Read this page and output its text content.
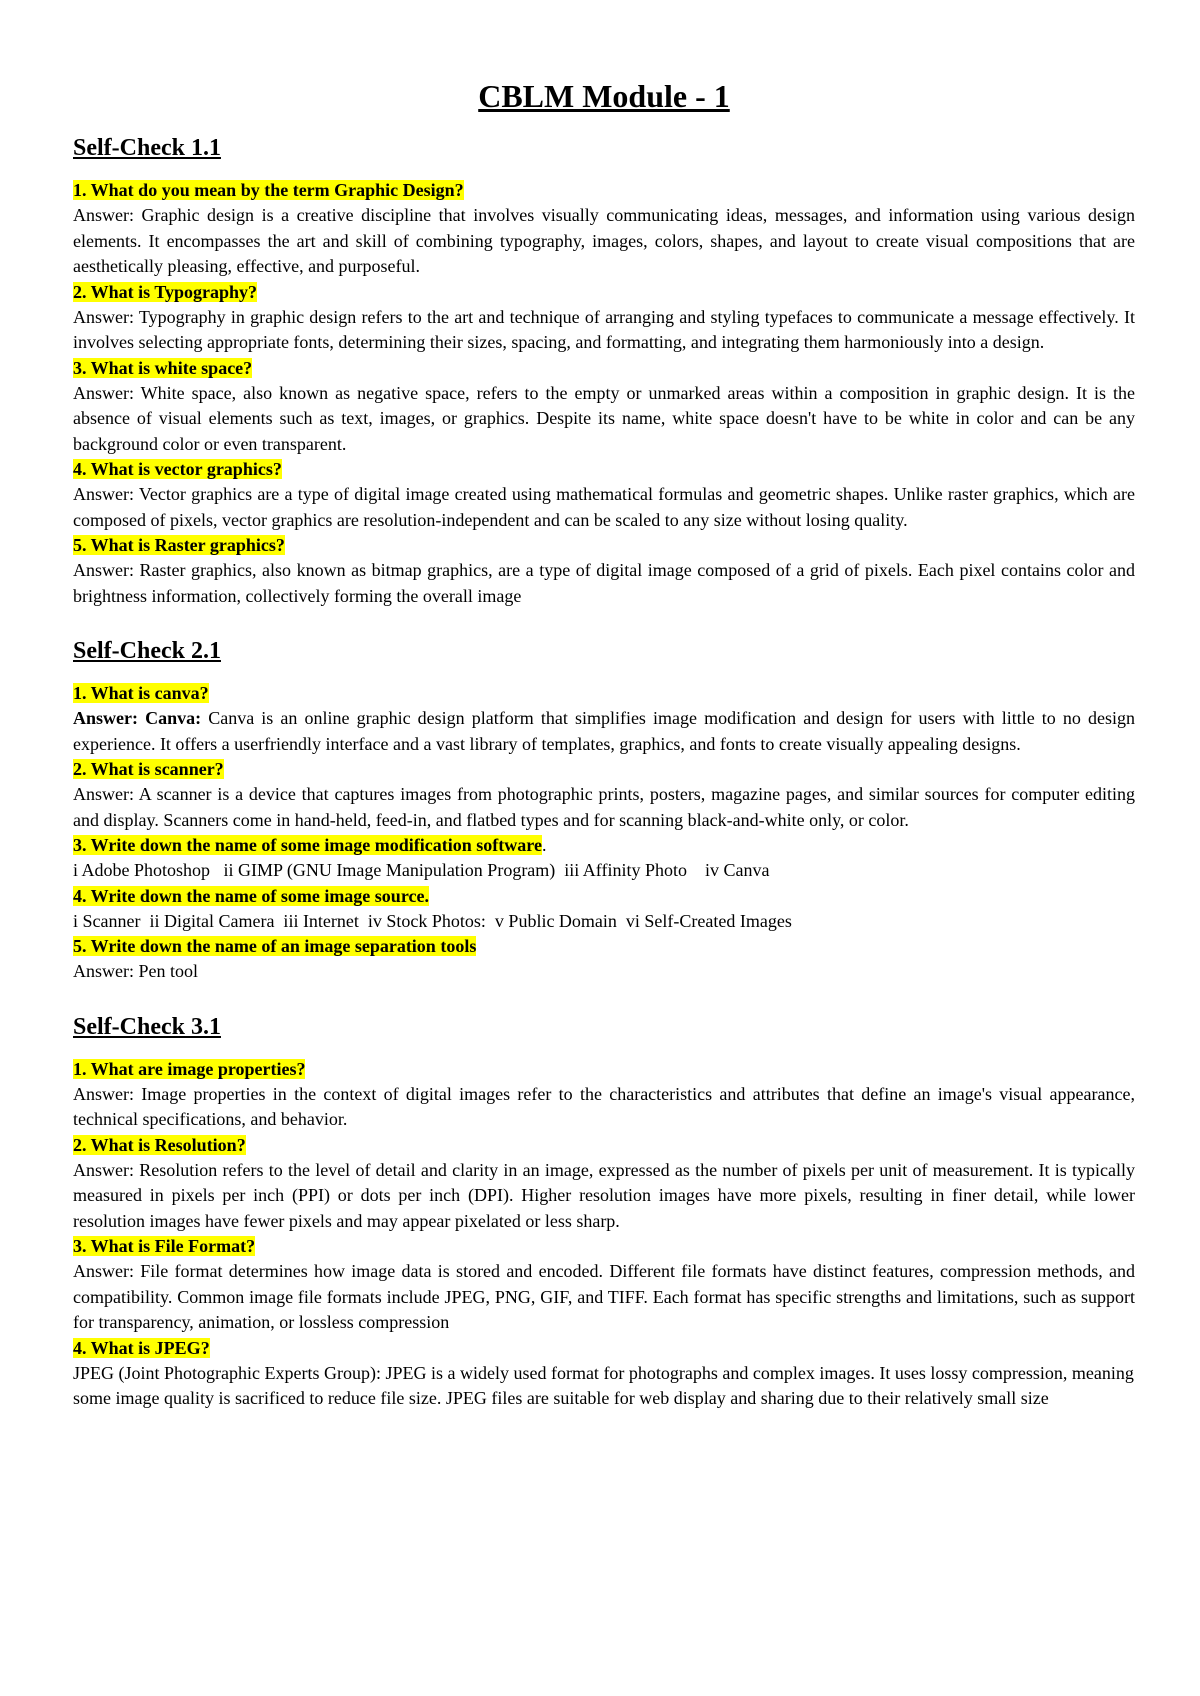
CBLM Module - 1
Self-Check 1.1

1. What do you mean by the term Graphic Design?

Answer: Graphic design is a creative discipline that involves visually communicating ideas, messages, and information using various design elements. It encompasses the art and skill of combining typography, images, colors, shapes, and layout to create visual compositions that are aesthetically pleasing, effective, and purposeful.

2. What is Typography?

Answer: Typography in graphic design refers to the art and technique of arranging and styling typefaces to communicate a message effectively. It involves selecting appropriate fonts, determining their sizes, spacing, and formatting, and integrating them harmoniously into a design.

3. What is white space?

Answer: White space, also known as negative space, refers to the empty or unmarked areas within a composition in graphic design. It is the absence of visual elements such as text, images, or graphics. Despite its name, white space doesn't have to be white in color and can be any background color or even transparent.

4. What is vector graphics?

Answer: Vector graphics are a type of digital image created using mathematical formulas and geometric shapes. Unlike raster graphics, which are composed of pixels, vector graphics are resolution-independent and can be scaled to any size without losing quality.

5. What is Raster graphics?

Answer: Raster graphics, also known as bitmap graphics, are a type of digital image composed of a grid of pixels. Each pixel contains color and brightness information, collectively forming the overall image

Self-Check 2.1

1. What is canva?

Answer: Canva: Canva is an online graphic design platform that simplifies image modification and design for users with little to no design experience. It offers a userfriendly interface and a vast library of templates, graphics, and fonts to create visually appealing designs.

2. What is scanner?

Answer: A scanner is a device that captures images from photographic prints, posters, magazine pages, and similar sources for computer editing and display. Scanners come in hand-held, feed-in, and flatbed types and for scanning black-and-white only, or color.

3. Write down the name of some image modification software.

i Adobe Photoshop   ii GIMP (GNU Image Manipulation Program)  iii Affinity Photo    iv Canva

4. Write down the name of some image source.

i Scanner  ii Digital Camera  iii Internet  iv Stock Photos:  v Public Domain  vi Self-Created Images

5. Write down the name of an image separation tools

Answer: Pen tool

Self-Check 3.1

1. What are image properties?

Answer: Image properties in the context of digital images refer to the characteristics and attributes that define an image's visual appearance, technical specifications, and behavior.

2. What is Resolution?

Answer: Resolution refers to the level of detail and clarity in an image, expressed as the number of pixels per unit of measurement. It is typically measured in pixels per inch (PPI) or dots per inch (DPI). Higher resolution images have more pixels, resulting in finer detail, while lower resolution images have fewer pixels and may appear pixelated or less sharp.

3. What is File Format?

Answer: File format determines how image data is stored and encoded. Different file formats have distinct features, compression methods, and compatibility. Common image file formats include JPEG, PNG, GIF, and TIFF. Each format has specific strengths and limitations, such as support for transparency, animation, or lossless compression

4. What is JPEG?

JPEG (Joint Photographic Experts Group): JPEG is a widely used format for photographs and complex images. It uses lossy compression, meaning some image quality is sacrificed to reduce file size. JPEG files are suitable for web display and sharing due to their relatively small size
